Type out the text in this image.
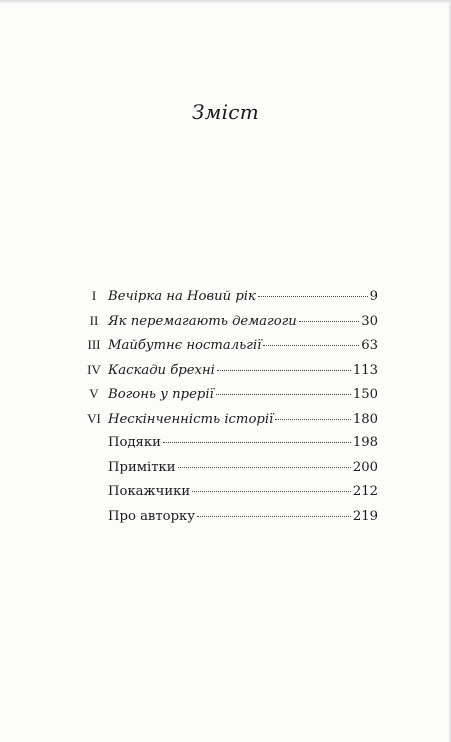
Зміст
I Вечірка на Новий рік	9
II Як перемагають демагоги	30
III Майбутнє ностальгії	63
IV Каскади брехні	113
V Вогонь у прерії	150
VI Нескінченність історії	180
Подяки	198
Примітки	200
Покажчики	212
Про авторку	219
